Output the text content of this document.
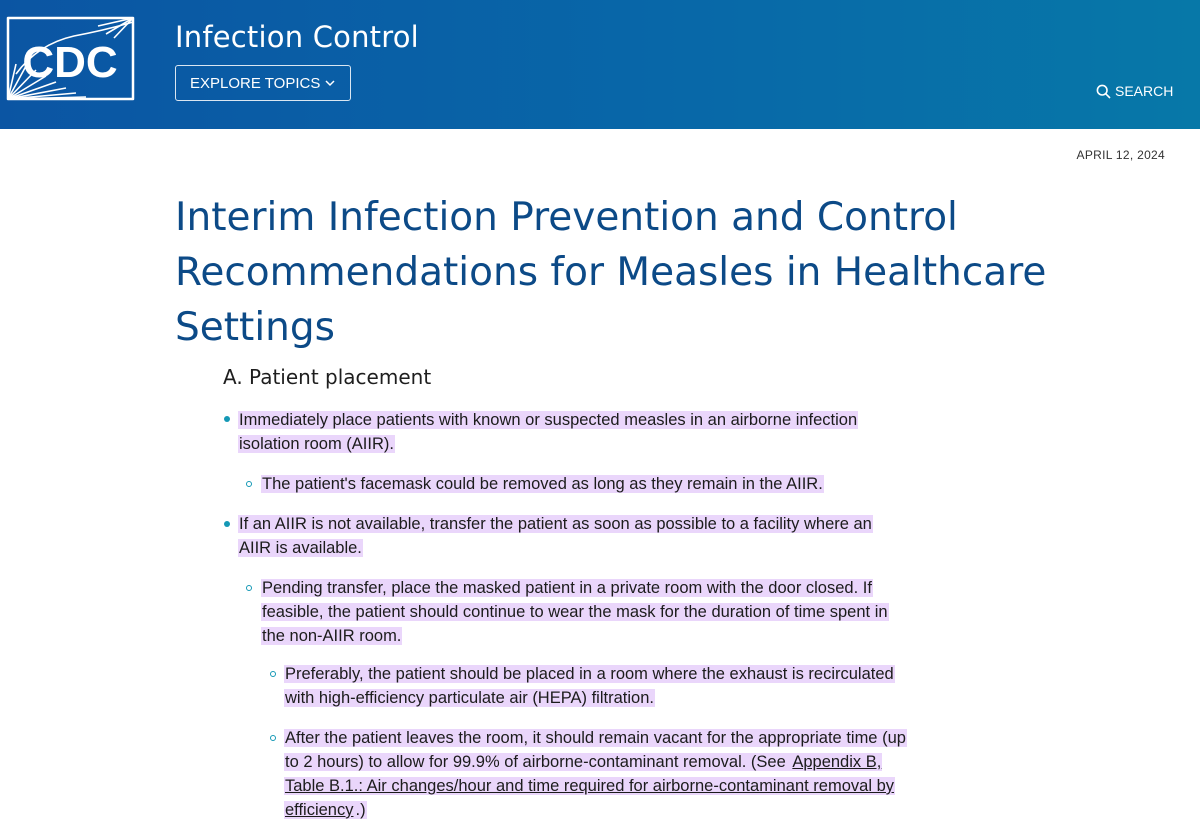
CDC
Infection Control
EXPLORE TOPICS	SEARCH
APRIL 12, 2024
Interim Infection Prevention and Control Recommendations for Measles in Healthcare Settings
A. Patient placement
Immediately place patients with known or suspected measles in an airborne infection isolation room (AIIR).
The patient's facemask could be removed as long as they remain in the AIIR.
If an AIIR is not available, transfer the patient as soon as possible to a facility where an AIIR is available.
Pending transfer, place the masked patient in a private room with the door closed. If feasible, the patient should continue to wear the mask for the duration of time spent in the non-AIIR room.
Preferably, the patient should be placed in a room where the exhaust is recirculated with high-efficiency particulate air (HEPA) filtration.
After the patient leaves the room, it should remain vacant for the appropriate time (up to 2 hours) to allow for 99.9% of airborne-contaminant removal. (See Appendix B, Table B.1.: Air changes/hour and time required for airborne-contaminant removal by efficiency .)
